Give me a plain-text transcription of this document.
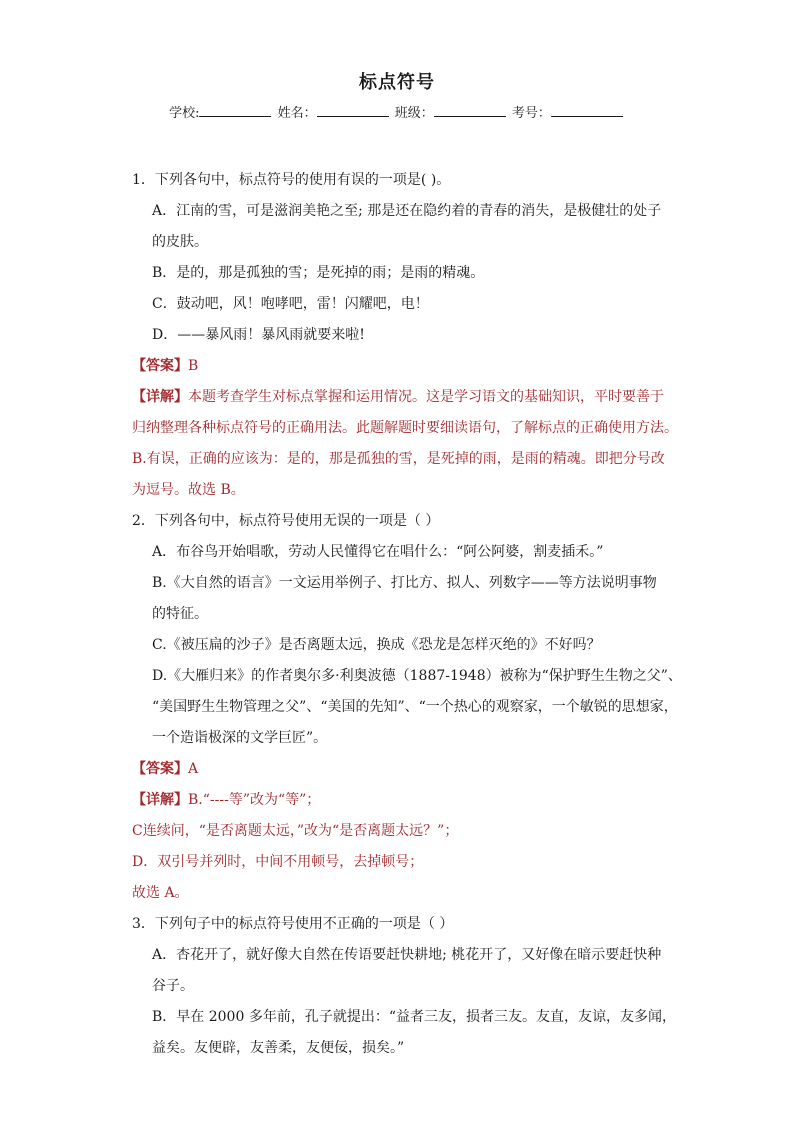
标点符号
学校:	姓名：	班级：	考号：
1．下列各句中，标点符号的使用有误的一项是( )。
A．江南的雪，可是滋润美艳之至; 那是还在隐约着的青春的消失，是极健壮的处子
的皮肤。
B．是的，那是孤独的雪；是死掉的雨；是雨的精魂。
C．鼓动吧，风！咆哮吧，雷！闪耀吧，电！
D．——暴风雨！暴风雨就要来啦!
【答案】B
【详解】本题考查学生对标点掌握和运用情况。这是学习语文的基础知识，平时要善于
归纳整理各种标点符号的正确用法。此题解题时要细读语句，了解标点的正确使用方法。
B.有误，正确的应该为：是的，那是孤独的雪，是死掉的雨，是雨的精魂。即把分号改
为逗号。故选 B。
2．下列各句中，标点符号使用无误的一项是（ ）
A．布谷鸟开始唱歌，劳动人民懂得它在唱什么：“阿公阿婆，割麦插禾。”
B.《大自然的语言》一文运用举例子、打比方、拟人、列数字——等方法说明事物
的特征。
C.《被压扁的沙子》是否离题太远，换成《恐龙是怎样灭绝的》不好吗？
D.《大雁归来》的作者奥尔多·利奥波德（1887-1948）被称为“保护野生生物之父”、
“美国野生生物管理之父”、“美国的先知”、“一个热心的观察家，一个敏锐的思想家，
一个造诣极深的文学巨匠”。
【答案】A
【详解】B.“----等”改为“等”；
C连续问，“是否离题太远，”改为“是否离题太远？”；
D．双引号并列时，中间不用顿号，去掉顿号；
故选 A。
3．下列句子中的标点符号使用不正确的一项是（ ）
A．杏花开了，就好像大自然在传语要赶快耕地; 桃花开了，又好像在暗示要赶快种
谷子。
B．早在 2000 多年前，孔子就提出：“益者三友，损者三友。友直，友谅，友多闻，
益矣。友便辟，友善柔，友便佞，损矣。”
